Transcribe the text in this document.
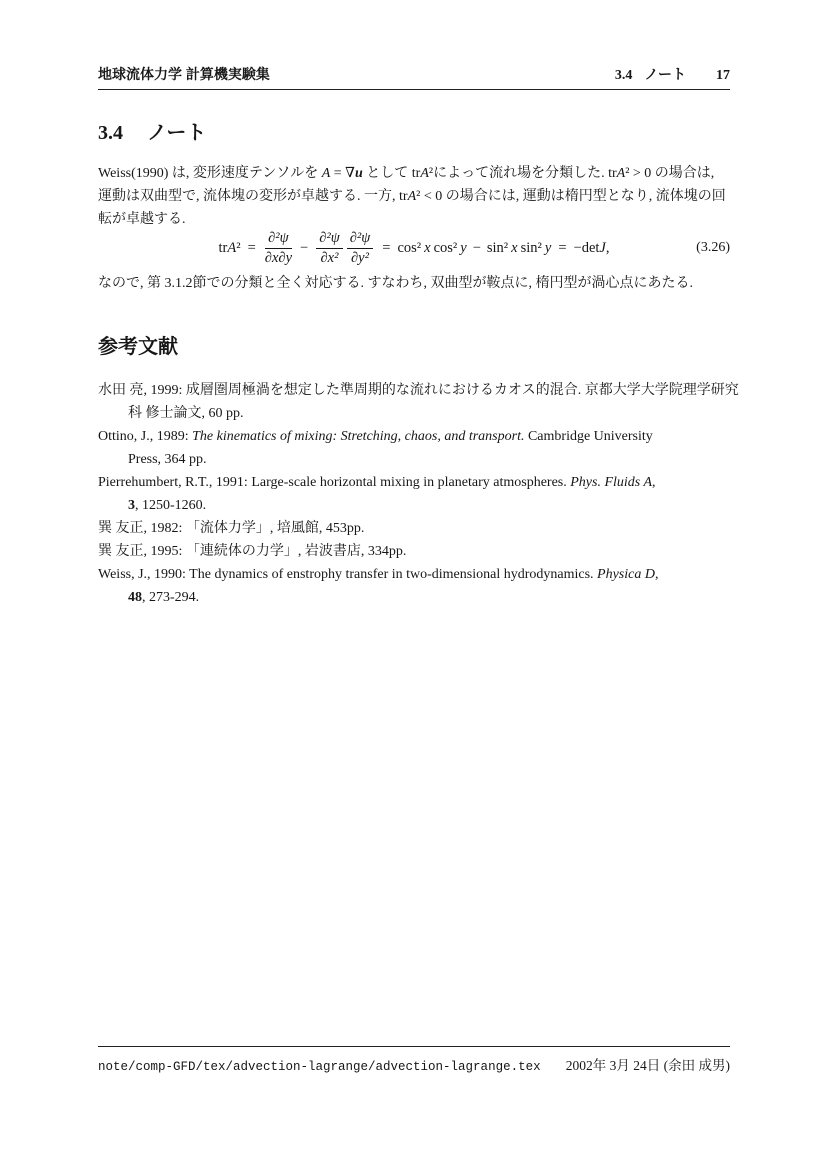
地球流体力学 計算機実験集	3.4 ノート 17
3.4 ノート
Weiss(1990) は, 変形速度テンソルを A = ∇u として trA²によって流れ場を分類した. trA² > 0 の場合は,
運動は双曲型で, 流体塊の変形が卓越する. 一方, trA² < 0 の場合には, 運動は楕円型となり, 流体塊の回
転が卓越する.
tr A $^2 = \frac{\text{∂²ψ}}{\partial x\partial y} - \frac{\text{∂²ψ}}{\text{∂x²}} \frac{\text{∂²ψ}}{\text{∂y²}} = \cos^2$ x cos² y − sin² x sin² y = − det J ,	(3.26)
なので, 第 3.1.2節での分類と全く対応する. すなわち, 双曲型が鞍点に, 楕円型が渦心点にあたる.
参考文献
水田 亮, 1999: 成層圏周極渦を想定した準周期的な流れにおけるカオス的混合. 京都大学大学院理学研究
科 修士論文, 60 pp.
Ottino, J., 1989: The kinematics of mixing: Stretching, chaos, and transport. Cambridge University
Press, 364 pp.
Pierrehumbert, R.T., 1991: Large-scale horizontal mixing in planetary atmospheres. Phys. Fluids A,
3, 1250-1260.
巽 友正, 1982: 「流体力学」, 培風館, 453pp.
巽 友正, 1995: 「連続体の力学」, 岩波書店, 334pp.
Weiss, J., 1990: The dynamics of enstrophy transfer in two-dimensional hydrodynamics. Physica D,
48, 273-294.
note/comp-GFD/tex/advection-lagrange/advection-lagrange.tex 2002年 3月 24日 (余田 成男)
